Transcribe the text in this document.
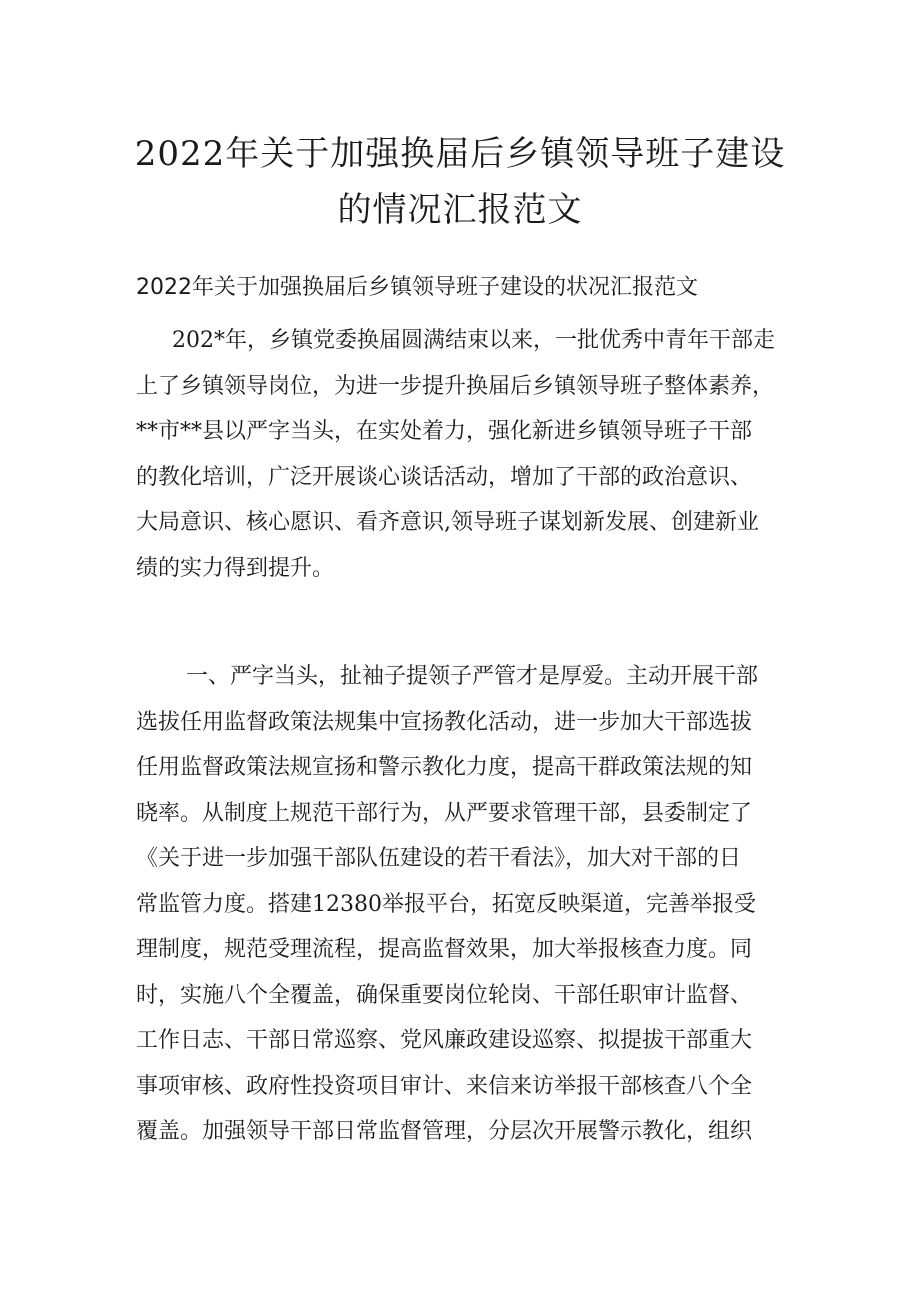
2022年关于加强换届后乡镇领导班子建设
的情况汇报范文
2022年关于加强换届后乡镇领导班子建设的状况汇报范文
202*年，乡镇党委换届圆满结束以来，一批优秀中青年干部走
上了乡镇领导岗位，为进一步提升换届后乡镇领导班子整体素养，
**市**县以严字当头，在实处着力，强化新进乡镇领导班子干部
的教化培训，广泛开展谈心谈话活动，增加了干部的政治意识、
大局意识、核心愿识、看齐意识,领导班子谋划新发展、创建新业
绩的实力得到提升。
一、严字当头，扯袖子提领子严管才是厚爱。主动开展干部
选拔任用监督政策法规集中宣扬教化活动，进一步加大干部选拔
任用监督政策法规宣扬和警示教化力度，提高干群政策法规的知
晓率。从制度上规范干部行为，从严要求管理干部，县委制定了
《关于进一步加强干部队伍建设的若干看法》，加大对干部的日
常监管力度。搭建12380举报平台，拓宽反映渠道，完善举报受
理制度，规范受理流程，提高监督效果，加大举报核查力度。同
时，实施八个全覆盖，确保重要岗位轮岗、干部任职审计监督、
工作日志、干部日常巡察、党风廉政建设巡察、拟提拔干部重大
事项审核、政府性投资项目审计、来信来访举报干部核查八个全
覆盖。加强领导干部日常监督管理，分层次开展警示教化，组织
